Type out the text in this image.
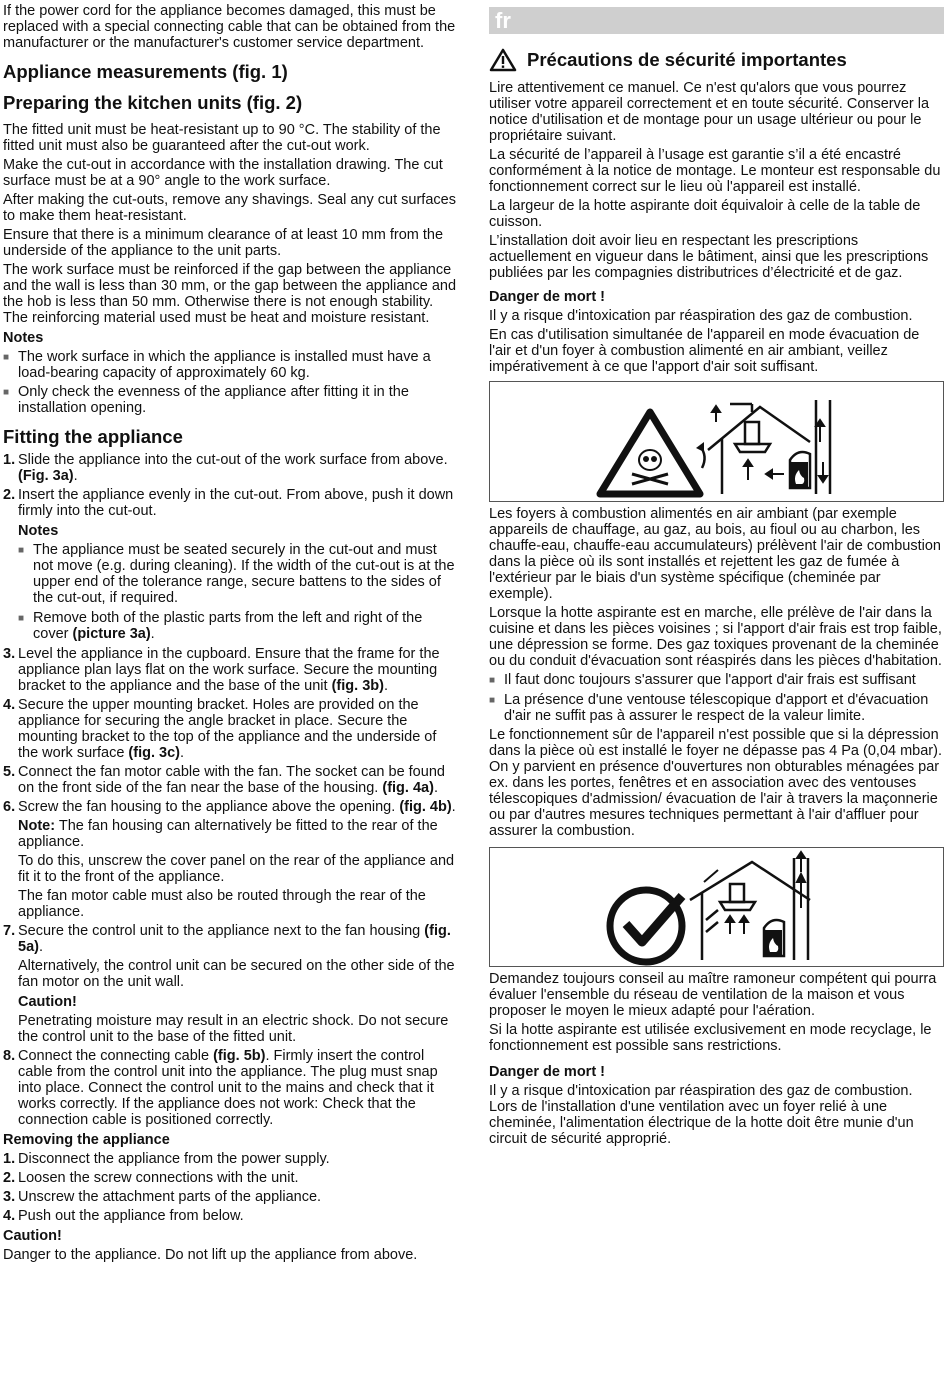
If the power cord for the appliance becomes damaged, this must be replaced with a special connecting cable that can be obtained from the manufacturer or the manufacturer's customer service department.

Appliance measurements (fig. 1)
Preparing the kitchen units (fig. 2)

The fitted unit must be heat-resistant up to 90 °C. The stability of the fitted unit must also be guaranteed after the cut-out work.

Make the cut-out in accordance with the installation drawing. The cut surface must be at a 90° angle to the work surface.

After making the cut-outs, remove any shavings. Seal any cut surfaces to make them heat-resistant.

Ensure that there is a minimum clearance of at least 10 mm from the underside of the appliance to the unit parts.

The work surface must be reinforced if the gap between the appliance and the wall is less than 30 mm, or the gap between the appliance and the hob is less than 50 mm. Otherwise there is not enough stability. The reinforcing material used must be heat and moisture resistant.

Notes
■ The work surface in which the appliance is installed must have a load-bearing capacity of approximately 60 kg.
■ Only check the evenness of the appliance after fitting it in the installation opening.
Fitting the appliance
1. Slide the appliance into the cut-out of the work surface from above. (Fig. 3a).
2. Insert the appliance evenly in the cut-out. From above, push it down firmly into the cut-out.
Notes
■ The appliance must be seated securely in the cut-out and must not move (e.g. during cleaning). If the width of the cut-out is at the upper end of the tolerance range, secure battens to the sides of the cut-out, if required.
■ Remove both of the plastic parts from the left and right of the cover (picture 3a).
3. Level the appliance in the cupboard. Ensure that the frame for the appliance plan lays flat on the work surface. Secure the mounting bracket to the appliance and the base of the unit (fig. 3b).
4. Secure the upper mounting bracket. Holes are provided on the appliance for securing the angle bracket in place. Secure the mounting bracket to the top of the appliance and the underside of the work surface (fig. 3c).
5. Connect the fan motor cable with the fan. The socket can be found on the front side of the fan near the base of the housing. (fig. 4a).
6. Screw the fan housing to the appliance above the opening. (fig. 4b).

Note: The fan housing can alternatively be fitted to the rear of the appliance.

To do this, unscrew the cover panel on the rear of the appliance and fit it to the front of the appliance.

The fan motor cable must also be routed through the rear of the appliance.

7. Secure the control unit to the appliance next to the fan housing (fig. 5a).

Alternatively, the control unit can be secured on the other side of the fan motor on the unit wall.

Caution!

Penetrating moisture may result in an electric shock. Do not secure the control unit to the base of the fitted unit.

8. Connect the connecting cable (fig. 5b). Firmly insert the control cable from the control unit into the appliance. The plug must snap into place. Connect the control unit to the mains and check that it works correctly. If the appliance does not work: Check that the connection cable is positioned correctly.
Removing the appliance
1. Disconnect the appliance from the power supply.
2. Loosen the screw connections with the unit.
3. Unscrew the attachment parts of the appliance.
4. Push out the appliance from below.
Caution!

Danger to the appliance. Do not lift up the appliance from above.

fr
Précautions de sécurité importantes

Lire attentivement ce manuel. Ce n'est qu'alors que vous pourrez utiliser votre appareil correctement et en toute sécurité. Conserver la notice d'utilisation et de montage pour un usage ultérieur ou pour le propriétaire suivant.

La sécurité de l’appareil à l’usage est garantie s’il a été encastré conformément à la notice de montage. Le monteur est responsable du fonctionnement correct sur le lieu où l'appareil est installé.

La largeur de la hotte aspirante doit équivaloir à celle de la table de cuisson.

L’installation doit avoir lieu en respectant les prescriptions actuellement en vigueur dans le bâtiment, ainsi que les prescriptions publiées par les compagnies distributrices d’électricité et de gaz.

Danger de mort !

Il y a risque d'intoxication par réaspiration des gaz de combustion.

En cas d'utilisation simultanée de l'appareil en mode évacuation de l'air et d'un foyer à combustion alimenté en air ambiant, veillez impérativement à ce que l'apport d'air soit suffisant.

Les foyers à combustion alimentés en air ambiant (par exemple appareils de chauffage, au gaz, au bois, au fioul ou au charbon, les chauffe-eau, chauffe-eau accumulateurs) prélèvent l'air de combustion dans la pièce où ils sont installés et rejettent les gaz de fumée à l'extérieur par le biais d'un système spécifique (cheminée par exemple).

Lorsque la hotte aspirante est en marche, elle prélève de l'air dans la cuisine et dans les pièces voisines ; si l'apport d'air frais est trop faible, une dépression se forme. Des gaz toxiques provenant de la cheminée ou du conduit d'évacuation sont réaspirés dans les pièces d'habitation.

■ Il faut donc toujours s'assurer que l'apport d'air frais est suffisant
■ La présence d'une ventouse télescopique d'apport et d'évacuation d'air ne suffit pas à assurer le respect de la valeur limite.

Le fonctionnement sûr de l'appareil n'est possible que si la dépression dans la pièce où est installé le foyer ne dépasse pas 4 Pa (0,04 mbar). On y parvient en présence d'ouvertures non obturables ménagées par ex. dans les portes, fenêtres et en association avec des ventouses télescopiques d'admission/ évacuation de l'air à travers la maçonnerie ou par d'autres mesures techniques permettant à l'air d'affluer pour assurer la combustion.

Demandez toujours conseil au maître ramoneur compétent qui pourra évaluer l'ensemble du réseau de ventilation de la maison et vous proposer le moyen le mieux adapté pour l'aération.

Si la hotte aspirante est utilisée exclusivement en mode recyclage, le fonctionnement est possible sans restrictions.

Danger de mort !

Il y a risque d'intoxication par réaspiration des gaz de combustion. Lors de l'installation d'une ventilation avec un foyer relié à une cheminée, l'alimentation électrique de la hotte doit être munie d'un circuit de sécurité approprié.
